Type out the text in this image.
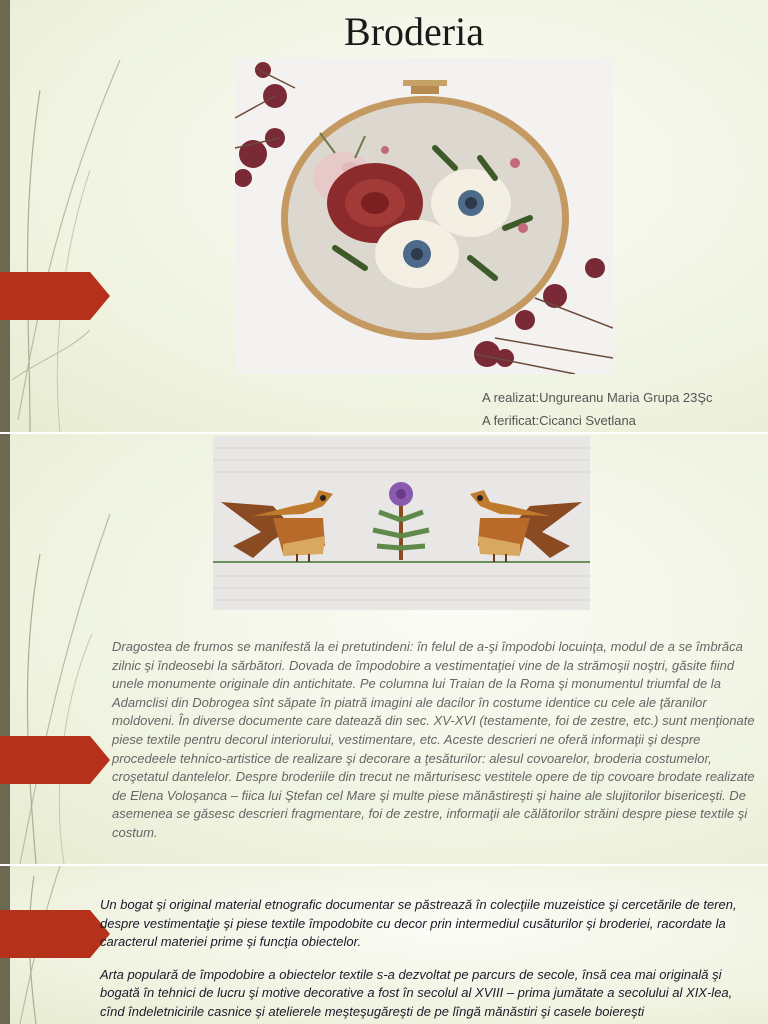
Broderia
A realizat:Ungureanu Maria Grupa 23Şc
A ferificat:Cicanci Svetlana
Dragostea de frumos se manifestă la ei pretutindeni: în felul de a-şi împodobi locuinţa, modul de a se îmbrăca zilnic şi îndeosebi la sărbători. Dovada de împodobire a vestimentaţiei vine de la strămoşii noştri, găsite fiind unele monumente originale din antichitate. Pe columna lui Traian de la Roma şi monumentul triumfal de la Adamclisi din Dobrogea sînt săpate în piatră imagini ale dacilor în costume identice cu cele ale ţăranilor moldoveni. În diverse documente care datează din sec. XV-XVI (testamente, foi de zestre, etc.) sunt menţionate piese textile pentru decorul interiorului, vestimentare, etc. Aceste descrieri ne oferă informaţii şi despre procedeele tehnico-artistice de realizare şi decorare a ţesăturilor: alesul covoarelor, broderia costumelor, croşetatul dantelelor. Despre broderiile din trecut ne mărturisesc vestitele opere de tip covoare brodate realizate de Elena Voloşanca – fiica lui Ştefan cel Mare şi multe piese mănăstireşti şi haine ale slujitorilor bisericeşti. De asemenea se găsesc descrieri fragmentare, foi de zestre, informaţii ale călătorilor străini despre piese textile şi costum.

Un bogat şi original material etnografic documentar se păstrează în colecţiile muzeistice şi cercetările de teren, despre vestimentaţie şi piese textile împodobite cu decor prin intermediul cusăturilor şi broderiei, racordate la caracterul materiei prime şi funcţia obiectelor.

Arta populară de împodobire a obiectelor textile s-a dezvoltat pe parcurs de secole, însă cea mai originală şi bogată în tehnici de lucru şi motive decorative a fost în secolul al XVIII – prima jumătate a secolului al XIX-lea, cînd îndeletnicirile casnice şi atelierele meşteşugăreşti de pe lîngă mănăstiri şi casele boiereşti
